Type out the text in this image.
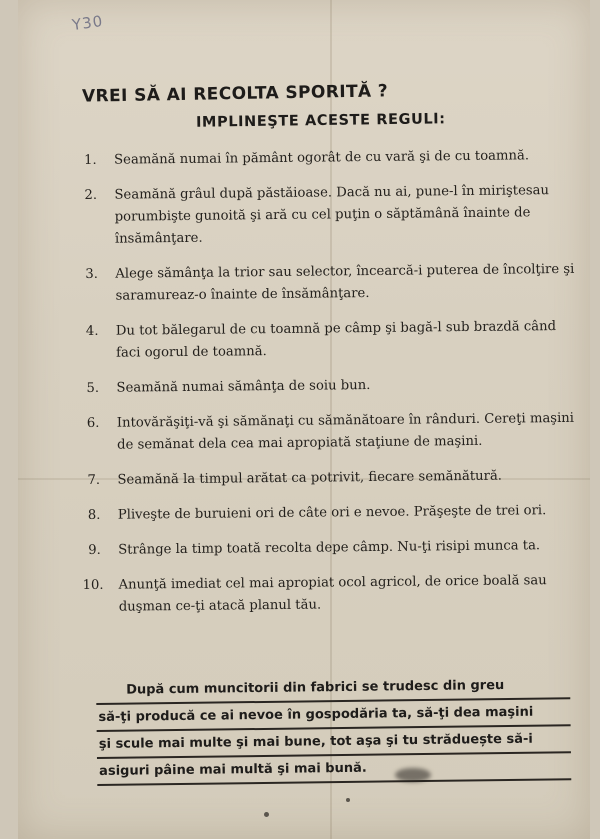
Y30
VREI SĂ AI RECOLTA SPORITĂ ?
IMPLINEŞTE ACESTE REGULI:
1.	Seamănă numai în pământ ogorât de cu vară şi de cu toamnă.
2.	Seamănă grâul după păstăioase. Dacă nu ai, pune-l în miriştesau porumbişte gunoită şi ară cu cel puţin o săptămână înainte de însămânţare.
3.	Alege sămânţa la trior sau selector, încearcă-i puterea de încolţire şi saramureaz-o înainte de însămânţare.
4.	Du tot bălegarul de cu toamnă pe câmp şi bagă-l sub brazdă când faci ogorul de toamnă.
5.	Seamănă numai sămânţa de soiu bun.
6.	Intovărăşiţi-vă şi sămănaţi cu sămănătoare în rânduri. Cereţi maşini de semănat dela cea mai apropiată staţiune de maşini.
7.	Seamănă la timpul arătat ca potrivit, fiecare semănătură.
8.	Pliveşte de buruieni ori de câte ori e nevoe. Prăşeşte de trei ori.
9.	Strânge la timp toată recolta depe câmp. Nu-ţi risipi munca ta.
10.	Anunţă imediat cel mai apropiat ocol agricol, de orice boală sau duşman ce-ţi atacă planul tău.
După cum muncitorii din fabrici se trudesc din greu
să-ţi producă ce ai nevoe în gospodăria ta, să-ţi dea maşini
şi scule mai multe şi mai bune, tot aşa şi tu străduește să-i
asiguri pâine mai multă şi mai bună.
